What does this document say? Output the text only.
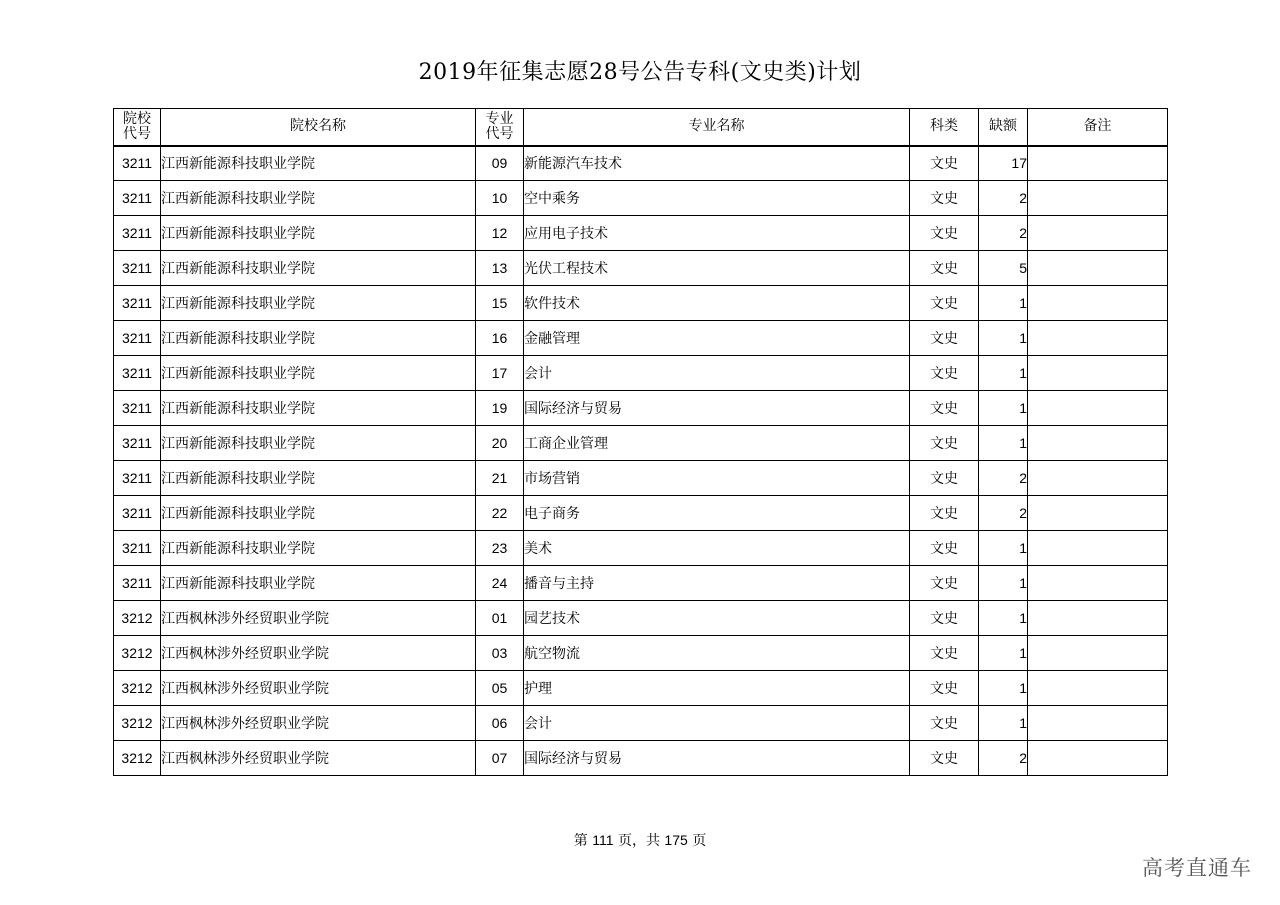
2019年征集志愿28号公告专科(文史类)计划
院校代号	院校名称	专业代号	专业名称	科类	缺额	备注
3211	江西新能源科技职业学院	09	新能源汽车技术	文史	17	
3211	江西新能源科技职业学院	10	空中乘务	文史	2	
3211	江西新能源科技职业学院	12	应用电子技术	文史	2	
3211	江西新能源科技职业学院	13	光伏工程技术	文史	5	
3211	江西新能源科技职业学院	15	软件技术	文史	1	
3211	江西新能源科技职业学院	16	金融管理	文史	1	
3211	江西新能源科技职业学院	17	会计	文史	1	
3211	江西新能源科技职业学院	19	国际经济与贸易	文史	1	
3211	江西新能源科技职业学院	20	工商企业管理	文史	1	
3211	江西新能源科技职业学院	21	市场营销	文史	2	
3211	江西新能源科技职业学院	22	电子商务	文史	2	
3211	江西新能源科技职业学院	23	美术	文史	1	
3211	江西新能源科技职业学院	24	播音与主持	文史	1	
3212	江西枫林涉外经贸职业学院	01	园艺技术	文史	1	
3212	江西枫林涉外经贸职业学院	03	航空物流	文史	1	
3212	江西枫林涉外经贸职业学院	05	护理	文史	1	
3212	江西枫林涉外经贸职业学院	06	会计	文史	1	
3212	江西枫林涉外经贸职业学院	07	国际经济与贸易	文史	2	
第 111 页，共 175 页
高考直通车
